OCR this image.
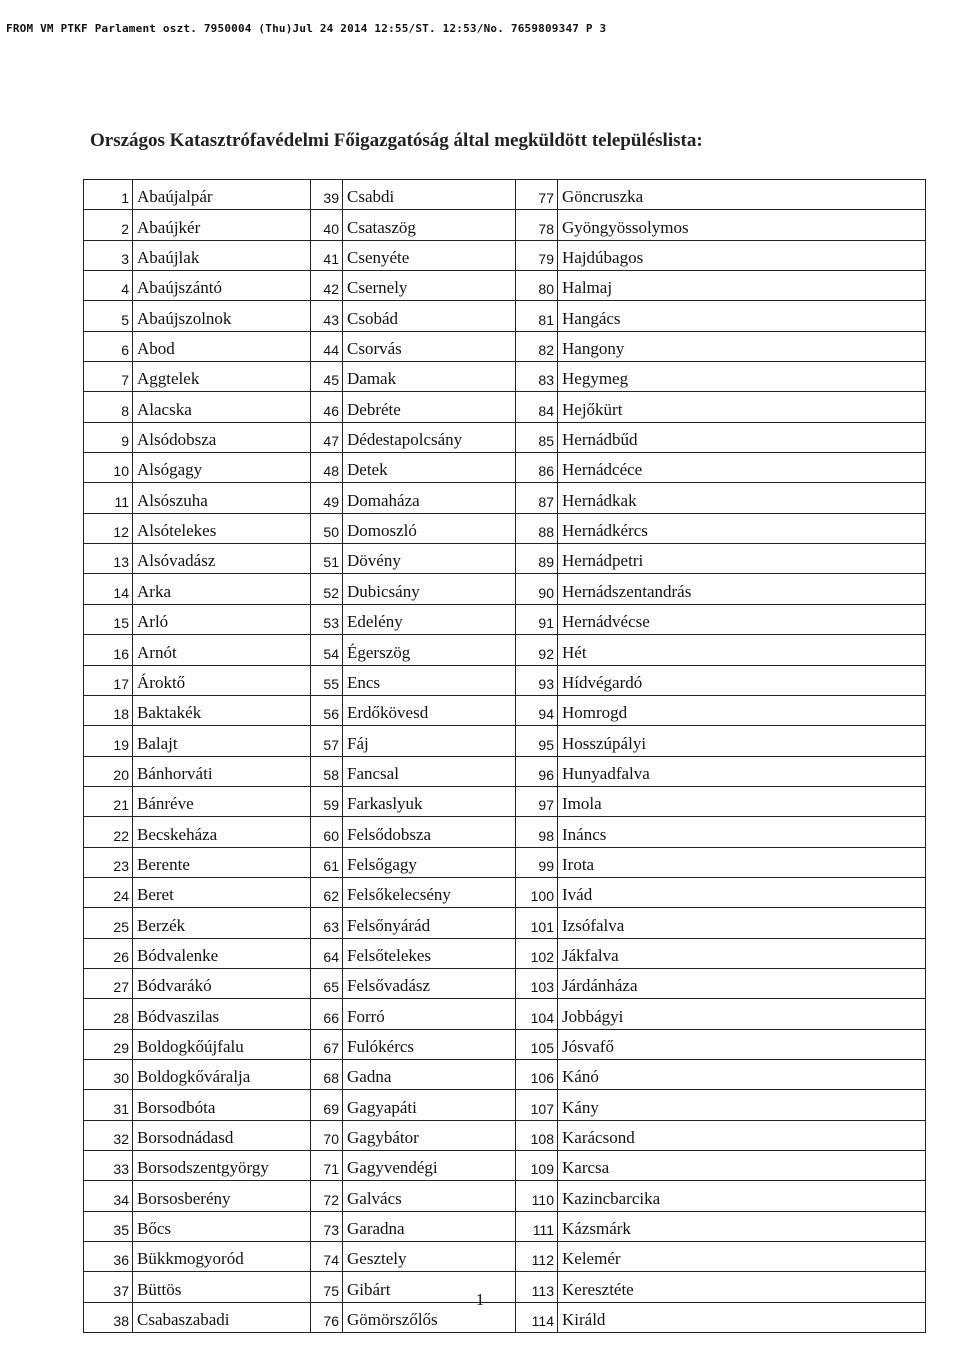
FROM VM PTKF Parlament oszt. 7950004 (Thu)Jul 24 2014 12:55/ST. 12:53/No. 7659809347 P 3
Országos Katasztrófavédelmi Főigazgatóság által megküldött településlista:
1	Abaújalpár	39	Csabdi	77	Göncruszka
2	Abaújkér	40	Csataszög	78	Gyöngyössolymos
3	Abaújlak	41	Csenyéte	79	Hajdúbagos
4	Abaújszántó	42	Csernely	80	Halmaj
5	Abaújszolnok	43	Csobád	81	Hangács
6	Abod	44	Csorvás	82	Hangony
7	Aggtelek	45	Damak	83	Hegymeg
8	Alacska	46	Debréte	84	Hejőkürt
9	Alsódobsza	47	Dédestapolcsány	85	Hernádbűd
10	Alsógagy	48	Detek	86	Hernádcéce
11	Alsószuha	49	Domaháza	87	Hernádkak
12	Alsótelekes	50	Domoszló	88	Hernádkércs
13	Alsóvadász	51	Dövény	89	Hernádpetri
14	Arka	52	Dubicsány	90	Hernádszentandrás
15	Arló	53	Edelény	91	Hernádvécse
16	Arnót	54	Égerszög	92	Hét
17	Ároktő	55	Encs	93	Hídvégardó
18	Baktakék	56	Erdőkövesd	94	Homrogd
19	Balajt	57	Fáj	95	Hosszúpályi
20	Bánhorváti	58	Fancsal	96	Hunyadfalva
21	Bánréve	59	Farkaslyuk	97	Imola
22	Becskeháza	60	Felsődobsza	98	Ináncs
23	Berente	61	Felsőgagy	99	Irota
24	Beret	62	Felsőkelecsény	100	Ivád
25	Berzék	63	Felsőnyárád	101	Izsófalva
26	Bódvalenke	64	Felsőtelekes	102	Jákfalva
27	Bódvarákó	65	Felsővadász	103	Járdánháza
28	Bódvaszilas	66	Forró	104	Jobbágyi
29	Boldogkőújfalu	67	Fulókércs	105	Jósvafő
30	Boldogkőváralja	68	Gadna	106	Kánó
31	Borsodbóta	69	Gagyapáti	107	Kány
32	Borsodnádasd	70	Gagybátor	108	Karácsond
33	Borsodszentgyörgy	71	Gagyvendégi	109	Karcsa
34	Borsosberény	72	Galvács	110	Kazincbarcika
35	Bőcs	73	Garadna	111	Kázsmárk
36	Bükkmogyoród	74	Gesztely	112	Kelemér
37	Büttös	75	Gibárt	113	Keresztéte
38	Csabaszabadi	76	Gömörszőlős	114	Királd
1
